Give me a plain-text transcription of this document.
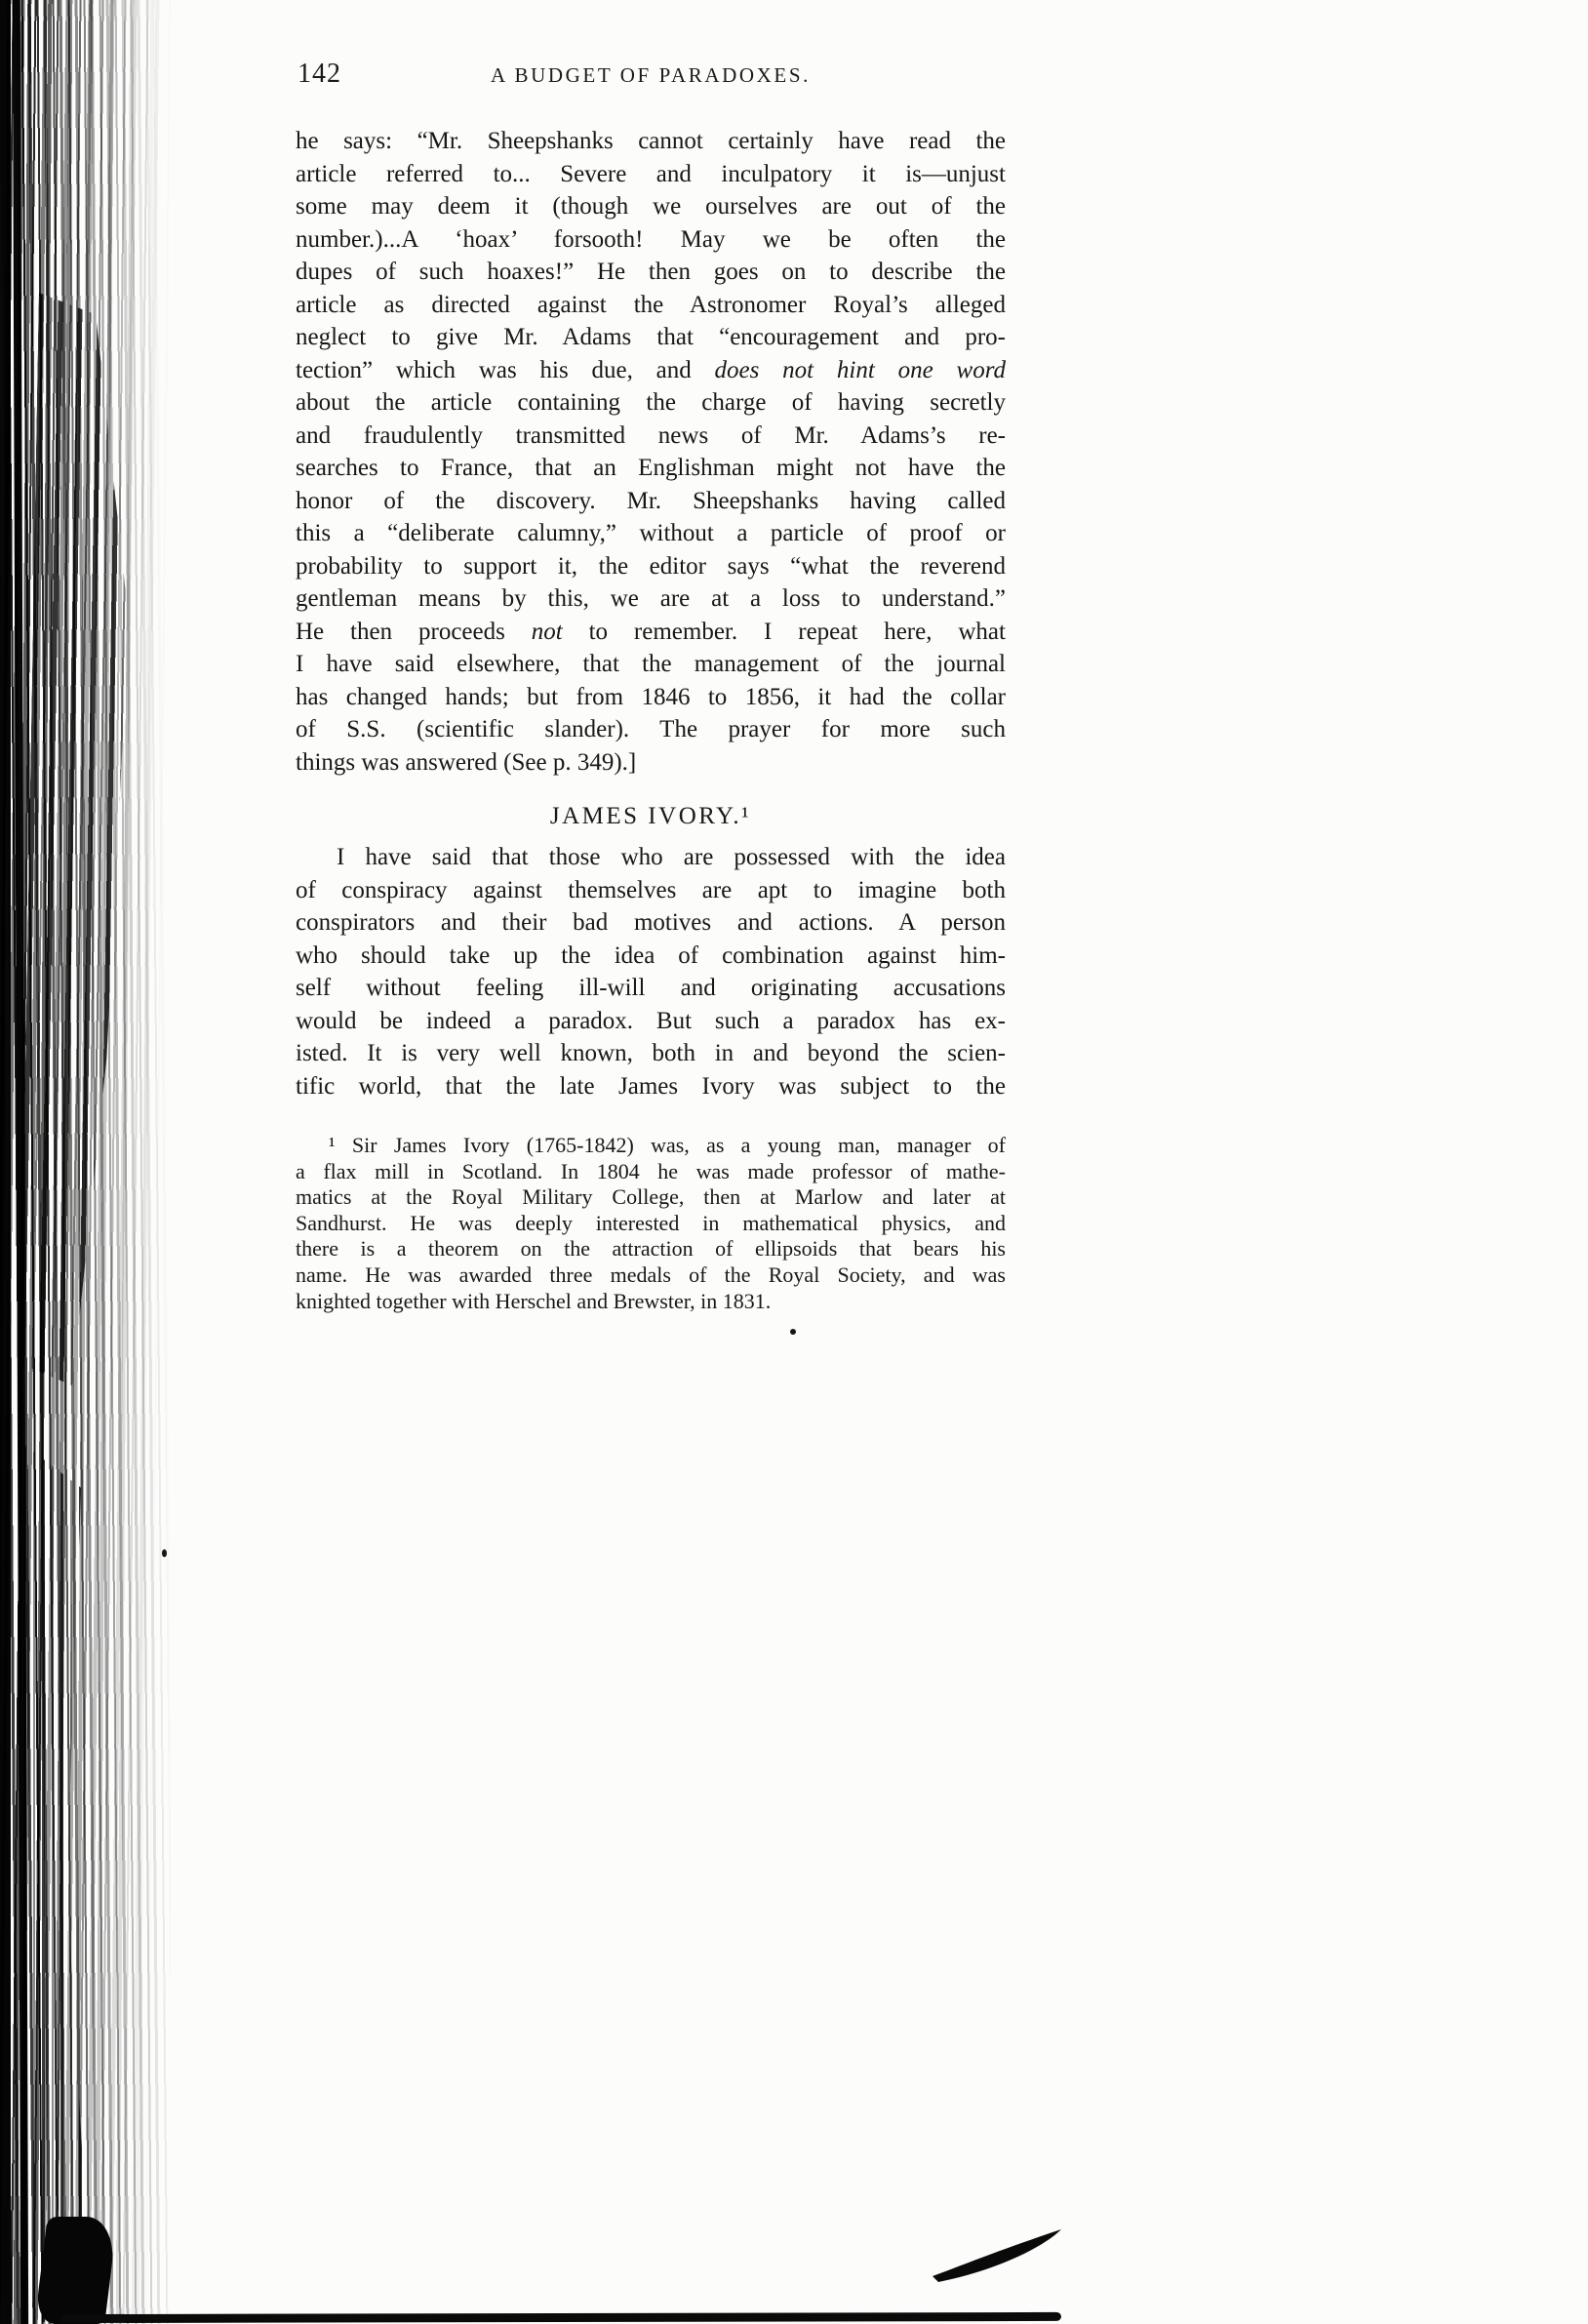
142	A BUDGET OF PARADOXES.

he says: “Mr. Sheepshanks cannot certainly have read the

article referred to... Severe and inculpatory it is—unjust

some may deem it (though we ourselves are out of the

number.)...A ‘hoax’ forsooth! May we be often the

dupes of such hoaxes!” He then goes on to describe the

article as directed against the Astronomer Royal’s alleged

neglect to give Mr. Adams that “encouragement and pro-

tection” which was his due, and does not hint one word

about the article containing the charge of having secretly

and fraudulently transmitted news of Mr. Adams’s re-

searches to France, that an Englishman might not have the

honor of the discovery. Mr. Sheepshanks having called

this a “deliberate calumny,” without a particle of proof or

probability to support it, the editor says “what the reverend

gentleman means by this, we are at a loss to understand.”

He then proceeds not to remember. I repeat here, what

I have said elsewhere, that the management of the journal

has changed hands; but from 1846 to 1856, it had the collar

of S.S. (scientific slander). The prayer for more such

things was answered (See p. 349).]

JAMES IVORY.¹

I have said that those who are possessed with the idea

of conspiracy against themselves are apt to imagine both

conspirators and their bad motives and actions. A person

who should take up the idea of combination against him-

self without feeling ill-will and originating accusations

would be indeed a paradox. But such a paradox has ex-

isted. It is very well known, both in and beyond the scien-

tific world, that the late James Ivory was subject to the

¹ Sir James Ivory (1765-1842) was, as a young man, manager of

a flax mill in Scotland. In 1804 he was made professor of mathe-

matics at the Royal Military College, then at Marlow and later at

Sandhurst. He was deeply interested in mathematical physics, and

there is a theorem on the attraction of ellipsoids that bears his

name. He was awarded three medals of the Royal Society, and was

knighted together with Herschel and Brewster, in 1831.
